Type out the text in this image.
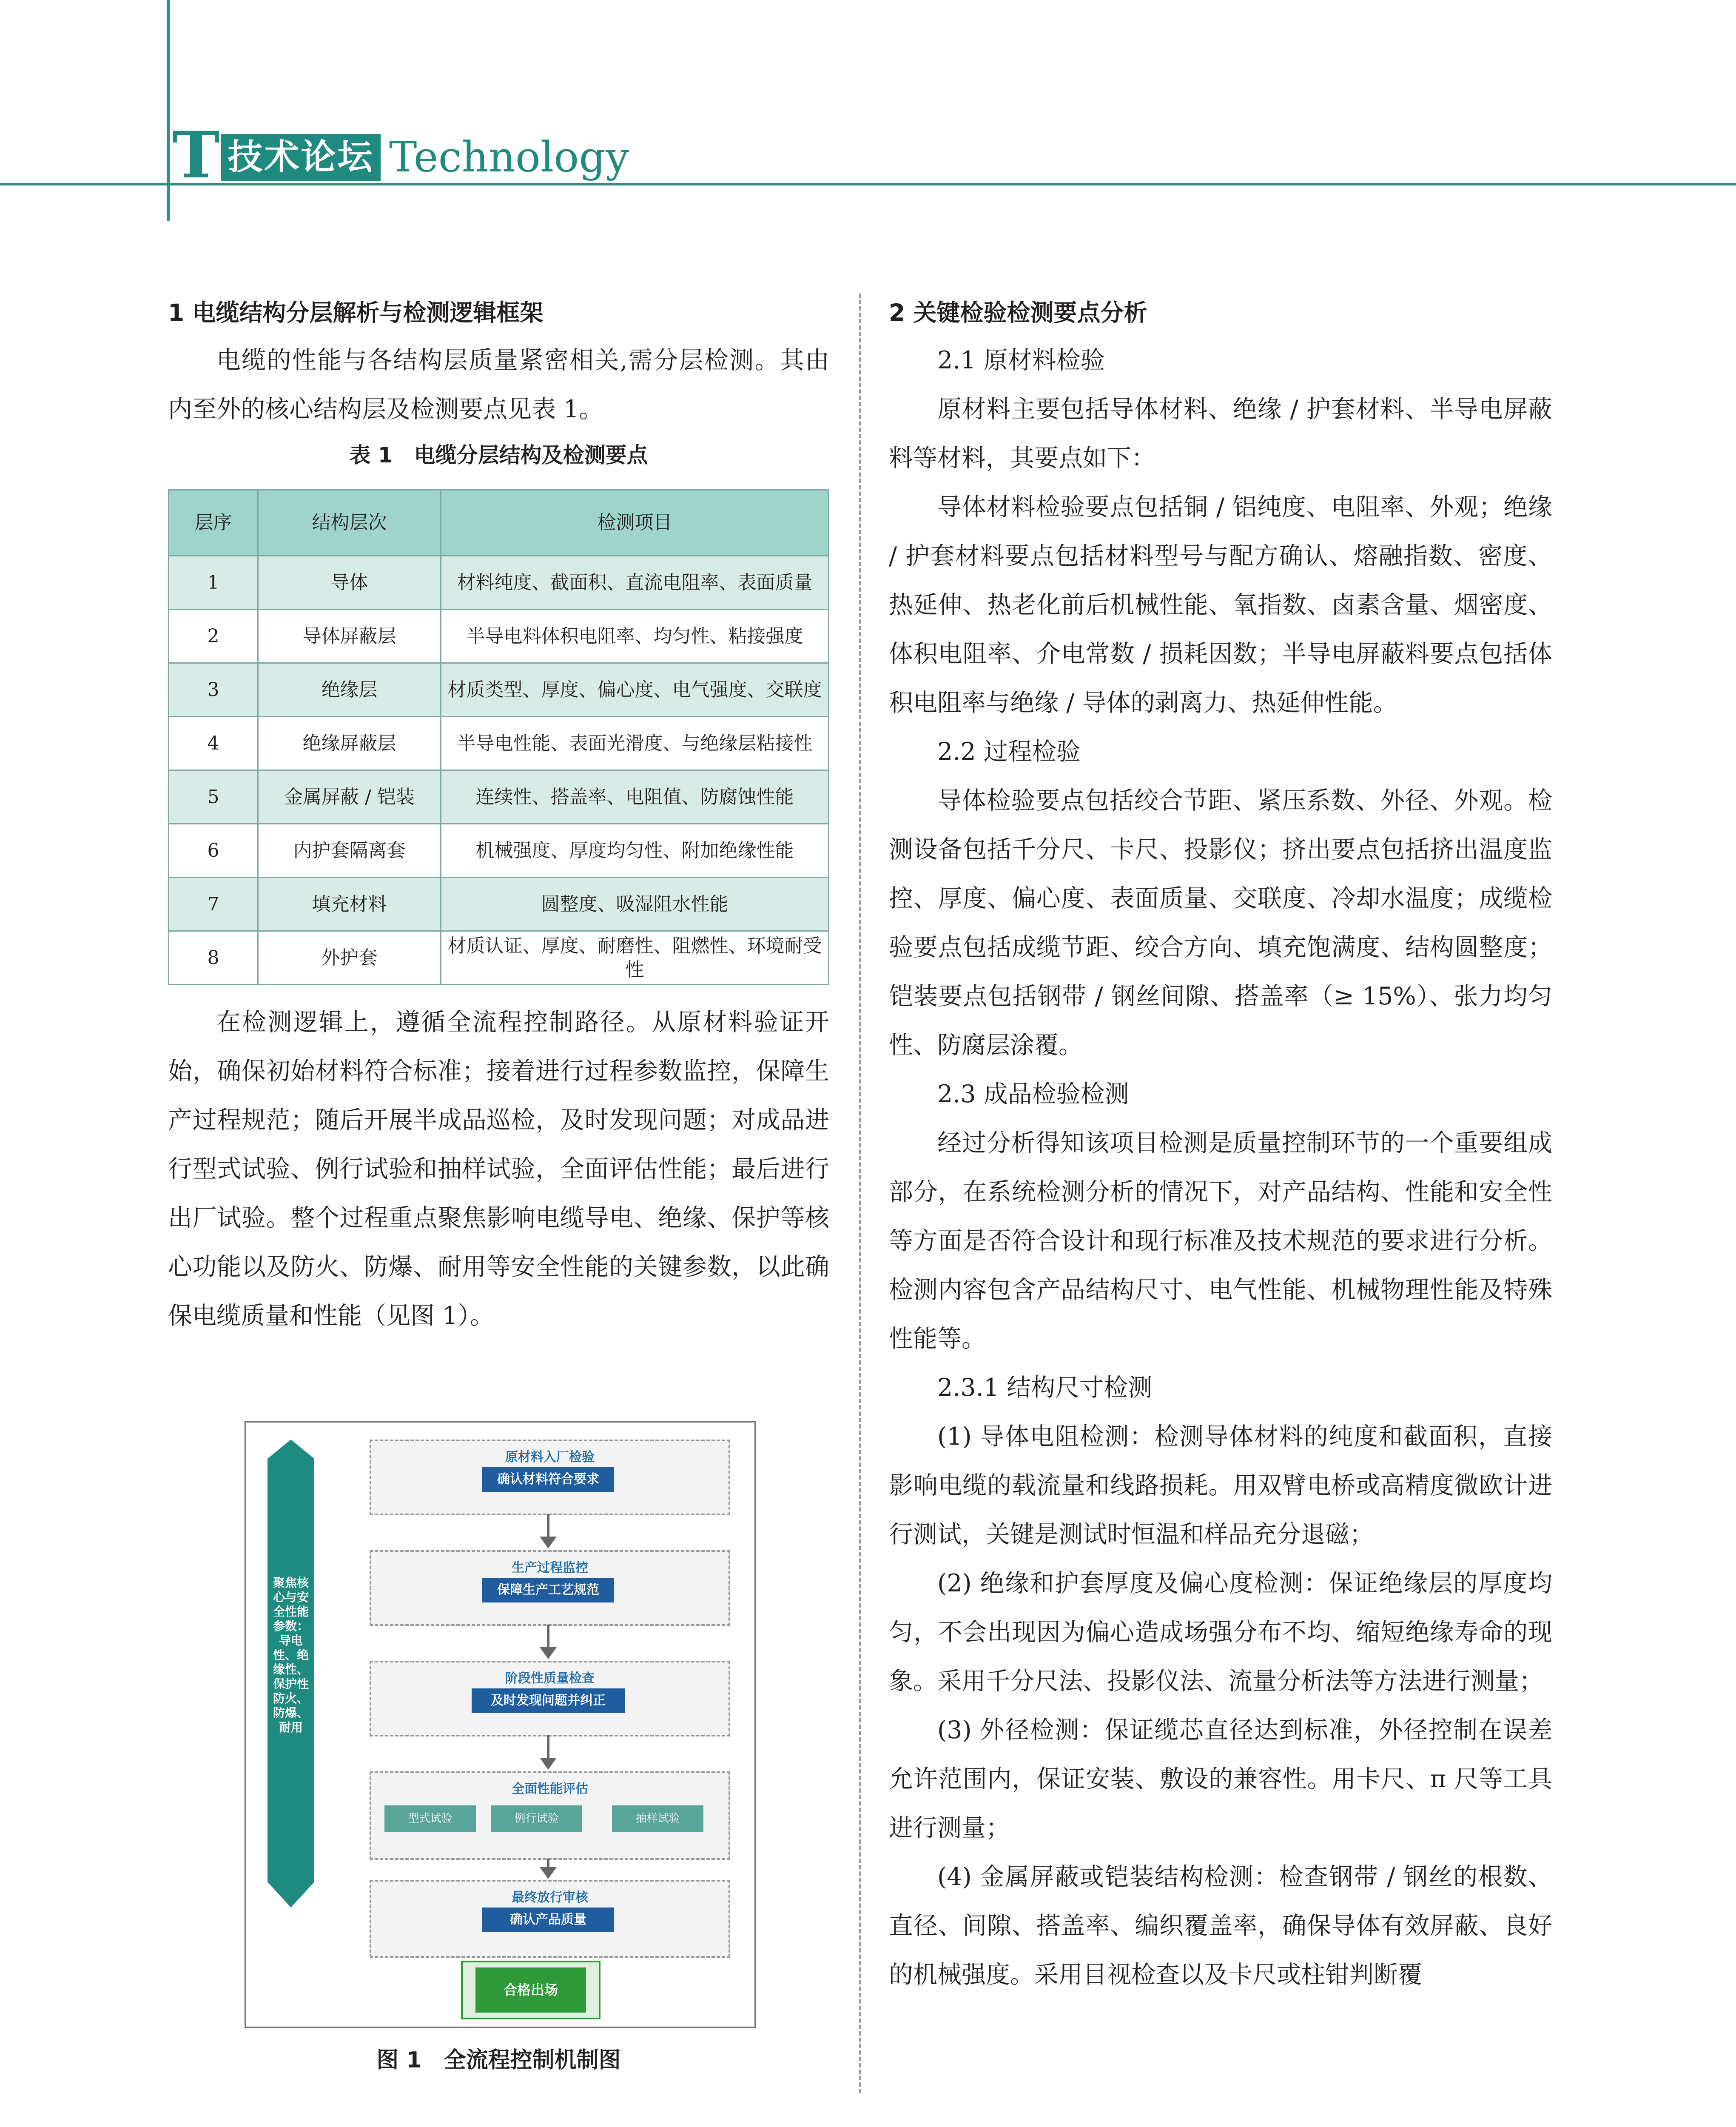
T 技术论坛 Technology

1 电缆结构分层解析与检测逻辑框架

电缆的性能与各结构层质量紧密相关,需分层检测。其由内至外的核心结构层及检测要点见表 1。

表 1　电缆分层结构及检测要点

层序	结构层次	检测项目
1	导体	材料纯度、截面积、直流电阻率、表面质量
2	导体屏蔽层	半导电料体积电阻率、均匀性、粘接强度
3	绝缘层	材质类型、厚度、偏心度、电气强度、交联度
4	绝缘屏蔽层	半导电性能、表面光滑度、与绝缘层粘接性
5	金属屏蔽 / 铠装	连续性、搭盖率、电阻值、防腐蚀性能
6	内护套隔离套	机械强度、厚度均匀性、附加绝缘性能
7	填充材料	圆整度、吸湿阻水性能
8	外护套	材质认证、厚度、耐磨性、阻燃性、环境耐受性

在检测逻辑上，遵循全流程控制路径。从原材料验证开始，确保初始材料符合标准；接着进行过程参数监控，保障生产过程规范；随后开展半成品巡检，及时发现问题；对成品进行型式试验、例行试验和抽样试验，全面评估性能；最后进行出厂试验。整个过程重点聚焦影响电缆导电、绝缘、保护等核心功能以及防火、防爆、耐用等安全性能的关键参数，以此确保电缆质量和性能（见图 1）。

聚焦核心与安全性能参数：导电性、绝缘性、保护性防火、防爆、耐用
原材料入厂检验
确认材料符合要求
生产过程监控
保障生产工艺规范
阶段性质量检查
及时发现问题并纠正
全面性能评估
型式试验	例行试验	抽样试验
最终放行审核
确认产品质量
合格出场
图 1　全流程控制机制图

2 关键检验检测要点分析

2.1 原材料检验

原材料主要包括导体材料、绝缘 / 护套材料、半导电屏蔽料等材料，其要点如下：

导体材料检验要点包括铜 / 铝纯度、电阻率、外观；绝缘 / 护套材料要点包括材料型号与配方确认、熔融指数、密度、热延伸、热老化前后机械性能、氧指数、卤素含量、烟密度、体积电阻率、介电常数 / 损耗因数；半导电屏蔽料要点包括体积电阻率与绝缘 / 导体的剥离力、热延伸性能。

2.2 过程检验

导体检验要点包括绞合节距、紧压系数、外径、外观。检测设备包括千分尺、卡尺、投影仪；挤出要点包括挤出温度监控、厚度、偏心度、表面质量、交联度、冷却水温度；成缆检验要点包括成缆节距、绞合方向、填充饱满度、结构圆整度；铠装要点包括钢带 / 钢丝间隙、搭盖率（≥ 15%）、张力均匀性、防腐层涂覆。

2.3 成品检验检测

经过分析得知该项目检测是质量控制环节的一个重要组成部分，在系统检测分析的情况下，对产品结构、性能和安全性等方面是否符合设计和现行标准及技术规范的要求进行分析。检测内容包含产品结构尺寸、电气性能、机械物理性能及特殊性能等。

2.3.1 结构尺寸检测

(1) 导体电阻检测：检测导体材料的纯度和截面积，直接影响电缆的载流量和线路损耗。用双臂电桥或高精度微欧计进行测试，关键是测试时恒温和样品充分退磁；

(2) 绝缘和护套厚度及偏心度检测：保证绝缘层的厚度均匀，不会出现因为偏心造成场强分布不均、缩短绝缘寿命的现象。采用千分尺法、投影仪法、流量分析法等方法进行测量；

(3) 外径检测：保证缆芯直径达到标准，外径控制在误差允许范围内，保证安装、敷设的兼容性。用卡尺、π 尺等工具进行测量；

(4) 金属屏蔽或铠装结构检测：检查钢带 / 钢丝的根数、直径、间隙、搭盖率、编织覆盖率，确保导体有效屏蔽、良好的机械强度。采用目视检查以及卡尺或柱钳判断覆
